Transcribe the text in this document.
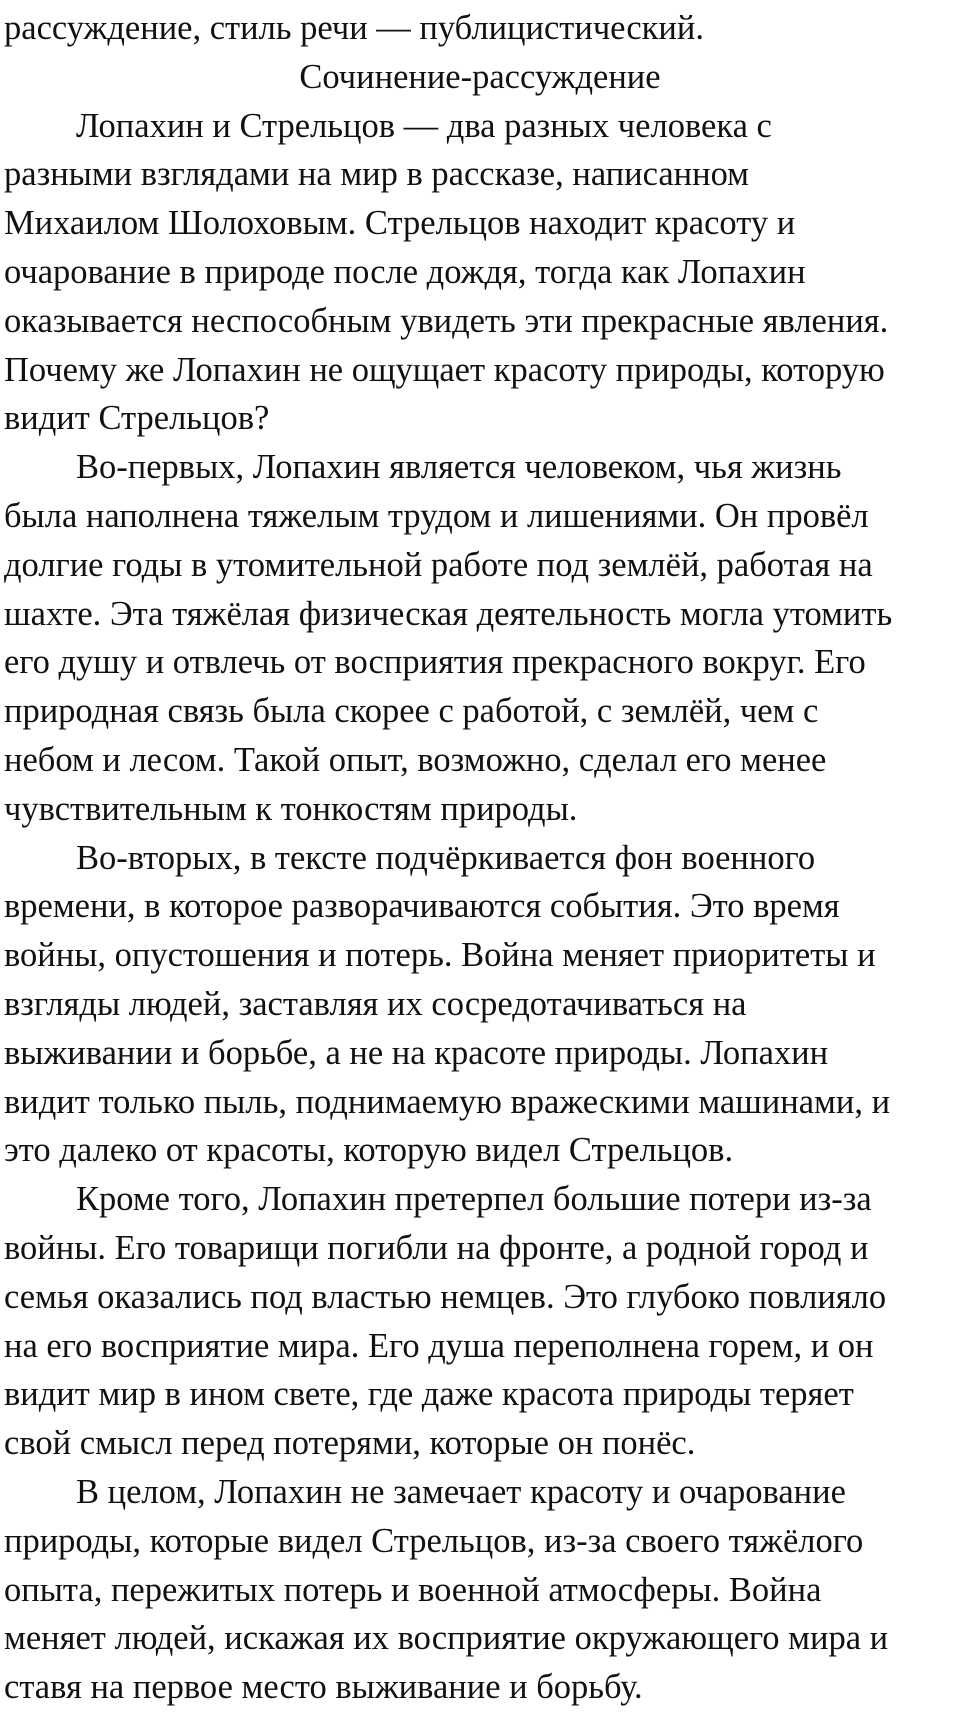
рассуждение, стиль речи — публицистический.

Сочинение-рассуждение

Лопахин и Стрельцов — два разных человека с

разными взглядами на мир в рассказе, написанном

Михаилом Шолоховым. Стрельцов находит красоту и

очарование в природе после дождя, тогда как Лопахин

оказывается неспособным увидеть эти прекрасные явления.

Почему же Лопахин не ощущает красоту природы, которую

видит Стрельцов?

Во-первых, Лопахин является человеком, чья жизнь

была наполнена тяжелым трудом и лишениями. Он провёл

долгие годы в утомительной работе под землёй, работая на

шахте. Эта тяжёлая физическая деятельность могла утомить

его душу и отвлечь от восприятия прекрасного вокруг. Его

природная связь была скорее с работой, с землёй, чем с

небом и лесом. Такой опыт, возможно, сделал его менее

чувствительным к тонкостям природы.

Во-вторых, в тексте подчёркивается фон военного

времени, в которое разворачиваются события. Это время

войны, опустошения и потерь. Война меняет приоритеты и

взгляды людей, заставляя их сосредотачиваться на

выживании и борьбе, а не на красоте природы. Лопахин

видит только пыль, поднимаемую вражескими машинами, и

это далеко от красоты, которую видел Стрельцов.

Кроме того, Лопахин претерпел большие потери из-за

войны. Его товарищи погибли на фронте, а родной город и

семья оказались под властью немцев. Это глубоко повлияло

на его восприятие мира. Его душа переполнена горем, и он

видит мир в ином свете, где даже красота природы теряет

свой смысл перед потерями, которые он понёс.

В целом, Лопахин не замечает красоту и очарование

природы, которые видел Стрельцов, из-за своего тяжёлого

опыта, пережитых потерь и военной атмосферы. Война

меняет людей, искажая их восприятие окружающего мира и

ставя на первое место выживание и борьбу.
